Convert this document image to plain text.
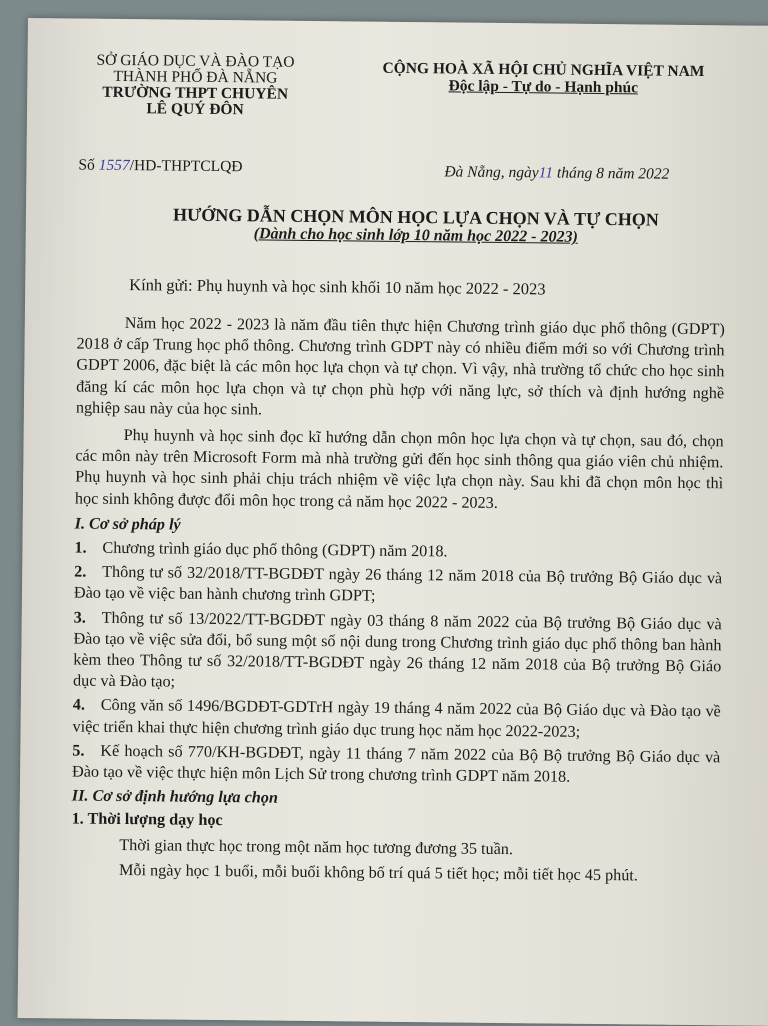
SỞ GIÁO DỤC VÀ ĐÀO TẠO
THÀNH PHỐ ĐÀ NẴNG
TRƯỜNG THPT CHUYÊN
LÊ QUÝ ĐÔN
CỘNG HOÀ XÃ HỘI CHỦ NGHĨA VIỆT NAM
Độc lập - Tự do - Hạnh phúc
Số 1557/HD-THPTCLQĐ	Đà Nẵng, ngày11 tháng 8 năm 2022
HƯỚNG DẪN CHỌN MÔN HỌC LỰA CHỌN VÀ TỰ CHỌN
(Dành cho học sinh lớp 10 năm học 2022 - 2023)
Kính gửi: Phụ huynh và học sinh khối 10 năm học 2022 - 2023

Năm học 2022 - 2023 là năm đầu tiên thực hiện Chương trình giáo dục phổ thông (GDPT) 2018 ở cấp Trung học phổ thông. Chương trình GDPT này có nhiều điểm mới so với Chương trình GDPT 2006, đặc biệt là các môn học lựa chọn và tự chọn. Vì vậy, nhà trường tổ chức cho học sinh đăng kí các môn học lựa chọn và tự chọn phù hợp với năng lực, sở thích và định hướng nghề nghiệp sau này của học sinh.

Phụ huynh và học sinh đọc kĩ hướng dẫn chọn môn học lựa chọn và tự chọn, sau đó, chọn các môn này trên Microsoft Form mà nhà trường gửi đến học sinh thông qua giáo viên chủ nhiệm. Phụ huynh và học sinh phải chịu trách nhiệm về việc lựa chọn này. Sau khi đã chọn môn học thì học sinh không được đổi môn học trong cả năm học 2022 - 2023.

I. Cơ sở pháp lý
1. Chương trình giáo dục phổ thông (GDPT) năm 2018.
2. Thông tư số 32/2018/TT-BGDĐT ngày 26 tháng 12 năm 2018 của Bộ trưởng Bộ Giáo dục và Đào tạo về việc ban hành chương trình GDPT;
3. Thông tư số 13/2022/TT-BGDĐT ngày 03 tháng 8 năm 2022 của Bộ trưởng Bộ Giáo dục và Đào tạo về việc sửa đổi, bổ sung một số nội dung trong Chương trình giáo dục phổ thông ban hành kèm theo Thông tư số 32/2018/TT-BGDĐT ngày 26 tháng 12 năm 2018 của Bộ trưởng Bộ Giáo dục và Đào tạo;
4. Công văn số 1496/BGDĐT-GDTrH ngày 19 tháng 4 năm 2022 của Bộ Giáo dục và Đào tạo về việc triển khai thực hiện chương trình giáo dục trung học năm học 2022-2023;
5. Kế hoạch số 770/KH-BGDĐT, ngày 11 tháng 7 năm 2022 của Bộ Bộ trưởng Bộ Giáo dục và Đào tạo về việc thực hiện môn Lịch Sử trong chương trình GDPT năm 2018.
II. Cơ sở định hướng lựa chọn
1. Thời lượng dạy học
Thời gian thực học trong một năm học tương đương 35 tuần.
Mỗi ngày học 1 buổi, mỗi buổi không bố trí quá 5 tiết học; mỗi tiết học 45 phút.
